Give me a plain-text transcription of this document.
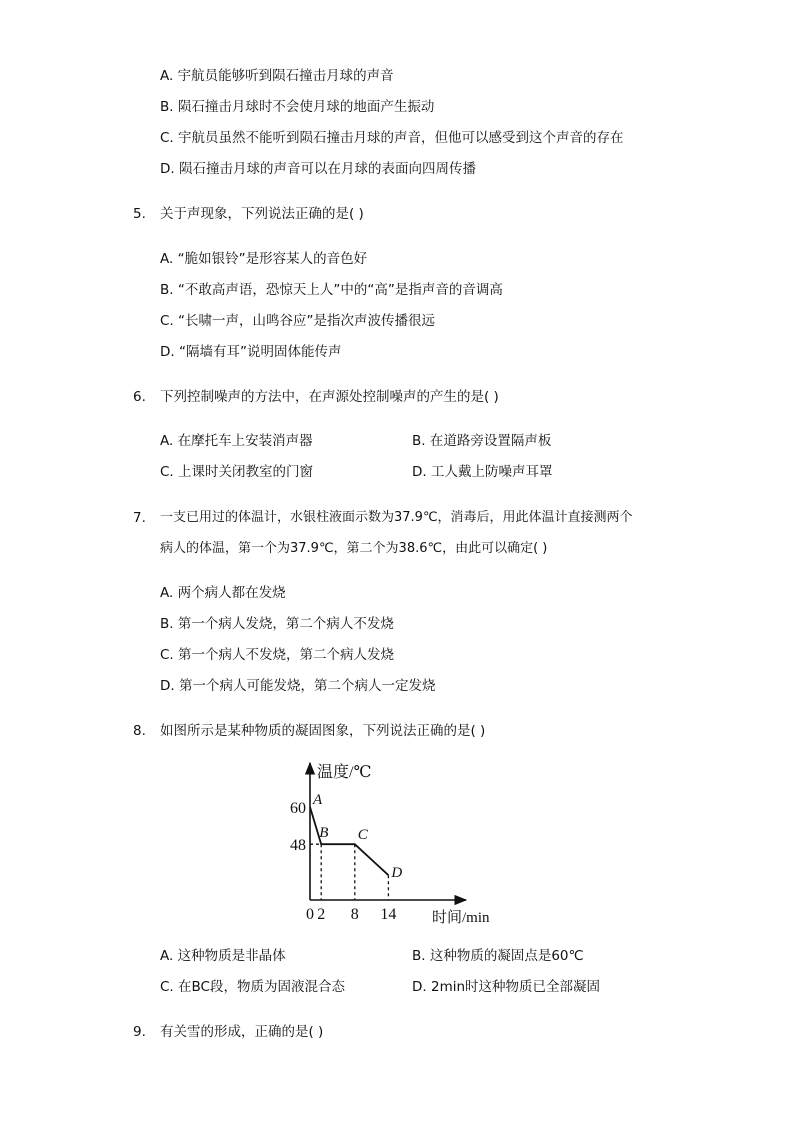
A. 宇航员能够听到陨石撞击月球的声音
B. 陨石撞击月球时不会使月球的地面产生振动
C. 宇航员虽然不能听到陨石撞击月球的声音，但他可以感受到这个声音的存在
D. 陨石撞击月球的声音可以在月球的表面向四周传播
5. 关于声现象，下列说法正确的是( )
A. “脆如银铃”是形容某人的音色好
B. “不敢高声语，恐惊天上人”中的“高”是指声音的音调高
C. “长啸一声，山鸣谷应”是指次声波传播很远
D. “隔墙有耳”说明固体能传声
6. 下列控制噪声的方法中，在声源处控制噪声的产生的是( )
A. 在摩托车上安装消声器	B. 在道路旁设置隔声板
C. 上课时关闭教室的门窗	D. 工人戴上防噪声耳罩
7. 一支已用过的体温计，水银柱液面示数为37.9℃，消毒后，用此体温计直接测两个
病人的体温，第一个为37.9℃，第二个为38.6℃，由此可以确定( )
A. 两个病人都在发烧
B. 第一个病人发烧，第二个病人不发烧
C. 第一个病人不发烧，第二个病人发烧
D. 第一个病人可能发烧，第二个病人一定发烧
8. 如图所示是某种物质的凝固图象，下列说法正确的是( )
温度/℃
时间/min
0 2 8 14
48
60 A
B C
D
A. 这种物质是非晶体	B. 这种物质的凝固点是60℃
C. 在BC段，物质为固液混合态	D. 2min时这种物质已全部凝固
9. 有关雪的形成，正确的是( )
